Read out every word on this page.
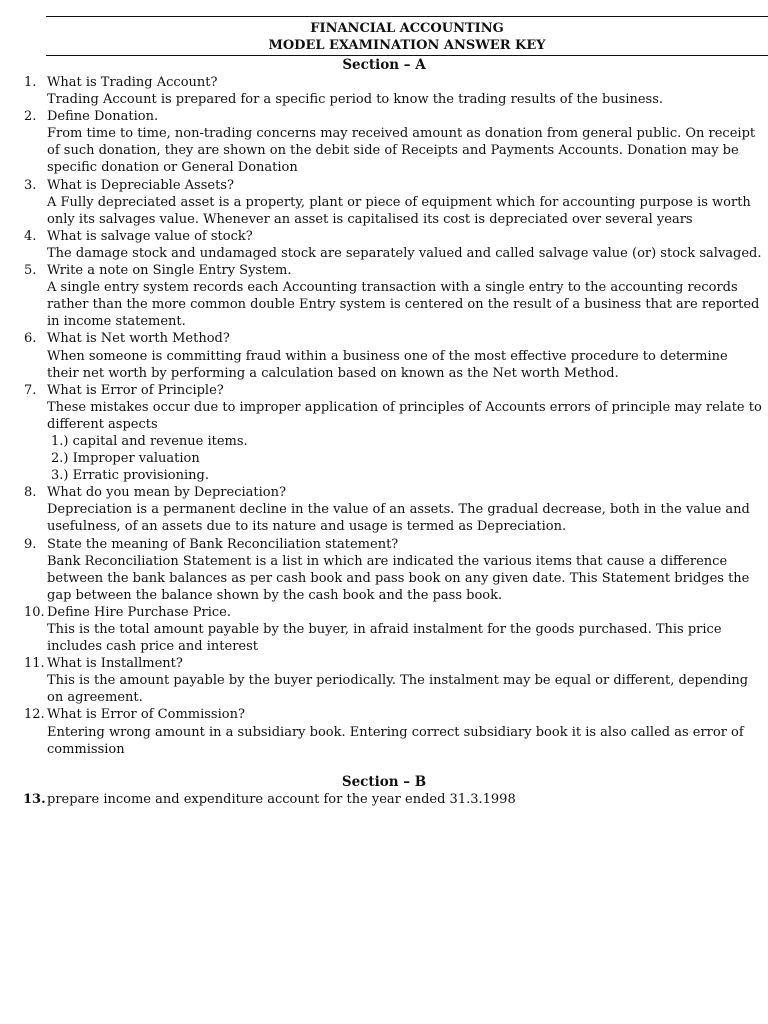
FINANCIAL ACCOUNTING
MODEL EXAMINATION ANSWER KEY
Section – A
1. What is Trading Account?

Trading Account is prepared for a specific period to know the trading results of the business.

2. Define Donation.

From time to time, non-trading concerns may received amount as donation from general public. On receipt of such donation, they are shown on the debit side of Receipts and Payments Accounts. Donation may be specific donation or General Donation

3. What is Depreciable Assets?

A Fully depreciated asset is a property, plant or piece of equipment which for accounting purpose is worth only its salvages value. Whenever an asset is capitalised its cost is depreciated over several years

4. What is salvage value of stock?

The damage stock and undamaged stock are separately valued and called salvage value (or) stock salvaged.

5. Write a note on Single Entry System.

A single entry system records each Accounting transaction with a single entry to the accounting records rather than the more common double Entry system is centered on the result of a business that are reported in income statement.

6. What is Net worth Method?

When someone is committing fraud within a business one of the most effective procedure to determine their net worth by performing a calculation based on known as the Net worth Method.

7. What is Error of Principle?

These mistakes occur due to improper application of principles of Accounts errors of principle may relate to different aspects

1.) capital and revenue items.

2.) Improper valuation

3.) Erratic provisioning.

8. What do you mean by Depreciation?

Depreciation is a permanent decline in the value of an assets. The gradual decrease, both in the value and usefulness, of an assets due to its nature and usage is termed as Depreciation.

9. State the meaning of Bank Reconciliation statement?

Bank Reconciliation Statement is a list in which are indicated the various items that cause a difference between the bank balances as per cash book and pass book on any given date. This Statement bridges the gap between the balance shown by the cash book and the pass book.

10. Define Hire Purchase Price.

This is the total amount payable by the buyer, in afraid instalment for the goods purchased. This price includes cash price and interest

11. What is Installment?

This is the amount payable by the buyer periodically. The instalment may be equal or different, depending on agreement.

12. What is Error of Commission?

Entering wrong amount in a subsidiary book. Entering correct subsidiary book it is also called as error of commission

Section – B
13. prepare income and expenditure account for the year ended 31.3.1998
